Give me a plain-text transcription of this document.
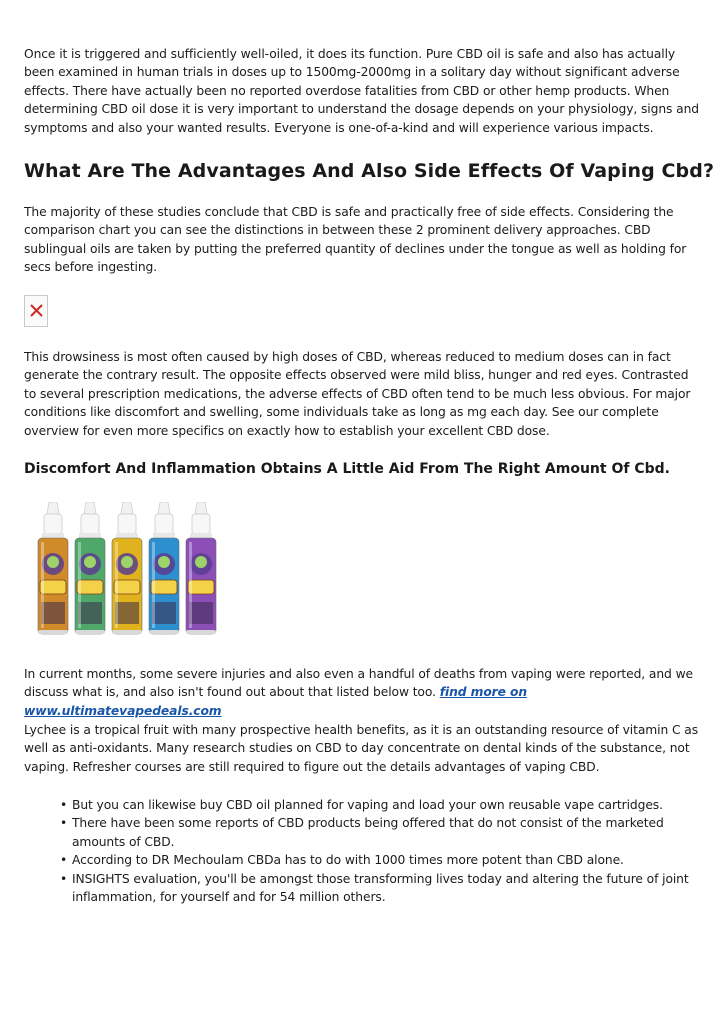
Once it is triggered and sufficiently well-oiled, it does its function. Pure CBD oil is safe and also has actually been examined in human trials in doses up to 1500mg-2000mg in a solitary day without significant adverse effects. There have actually been no reported overdose fatalities from CBD or other hemp products. When determining CBD oil dose it is very important to understand the dosage depends on your physiology, signs and symptoms and also your wanted results. Everyone is one-of-a-kind and will experience various impacts.

What Are The Advantages And Also Side Effects Of Vaping Cbd?

The majority of these studies conclude that CBD is safe and practically free of side effects. Considering the comparison chart you can see the distinctions in between these 2 prominent delivery approaches. CBD sublingual oils are taken by putting the preferred quantity of declines under the tongue as well as holding for secs before ingesting.

This drowsiness is most often caused by high doses of CBD, whereas reduced to medium doses can in fact generate the contrary result. The opposite effects observed were mild bliss, hunger and red eyes. Contrasted to several prescription medications, the adverse effects of CBD often tend to be much less obvious. For major conditions like discomfort and swelling, some individuals take as long as mg each day. See our complete overview for even more specifics on exactly how to establish your excellent CBD dose.

Discomfort And Inflammation Obtains A Little Aid From The Right Amount Of Cbd.

In current months, some severe injuries and also even a handful of deaths from vaping were reported, and we discuss what is, and also isn't found out about that listed below too. find more on www.ultimatevapedeals.com

Lychee is a tropical fruit with many prospective health benefits, as it is an outstanding resource of vitamin C as well as anti-oxidants. Many research studies on CBD to day concentrate on dental kinds of the substance, not vaping. Refresher courses are still required to figure out the details advantages of vaping CBD.

• But you can likewise buy CBD oil planned for vaping and load your own reusable vape cartridges.
• There have been some reports of CBD products being offered that do not consist of the marketed amounts of CBD.
• According to DR Mechoulam CBDa has to do with 1000 times more potent than CBD alone.
• INSIGHTS evaluation, you'll be amongst those transforming lives today and altering the future of joint inflammation, for yourself and for 54 million others.
